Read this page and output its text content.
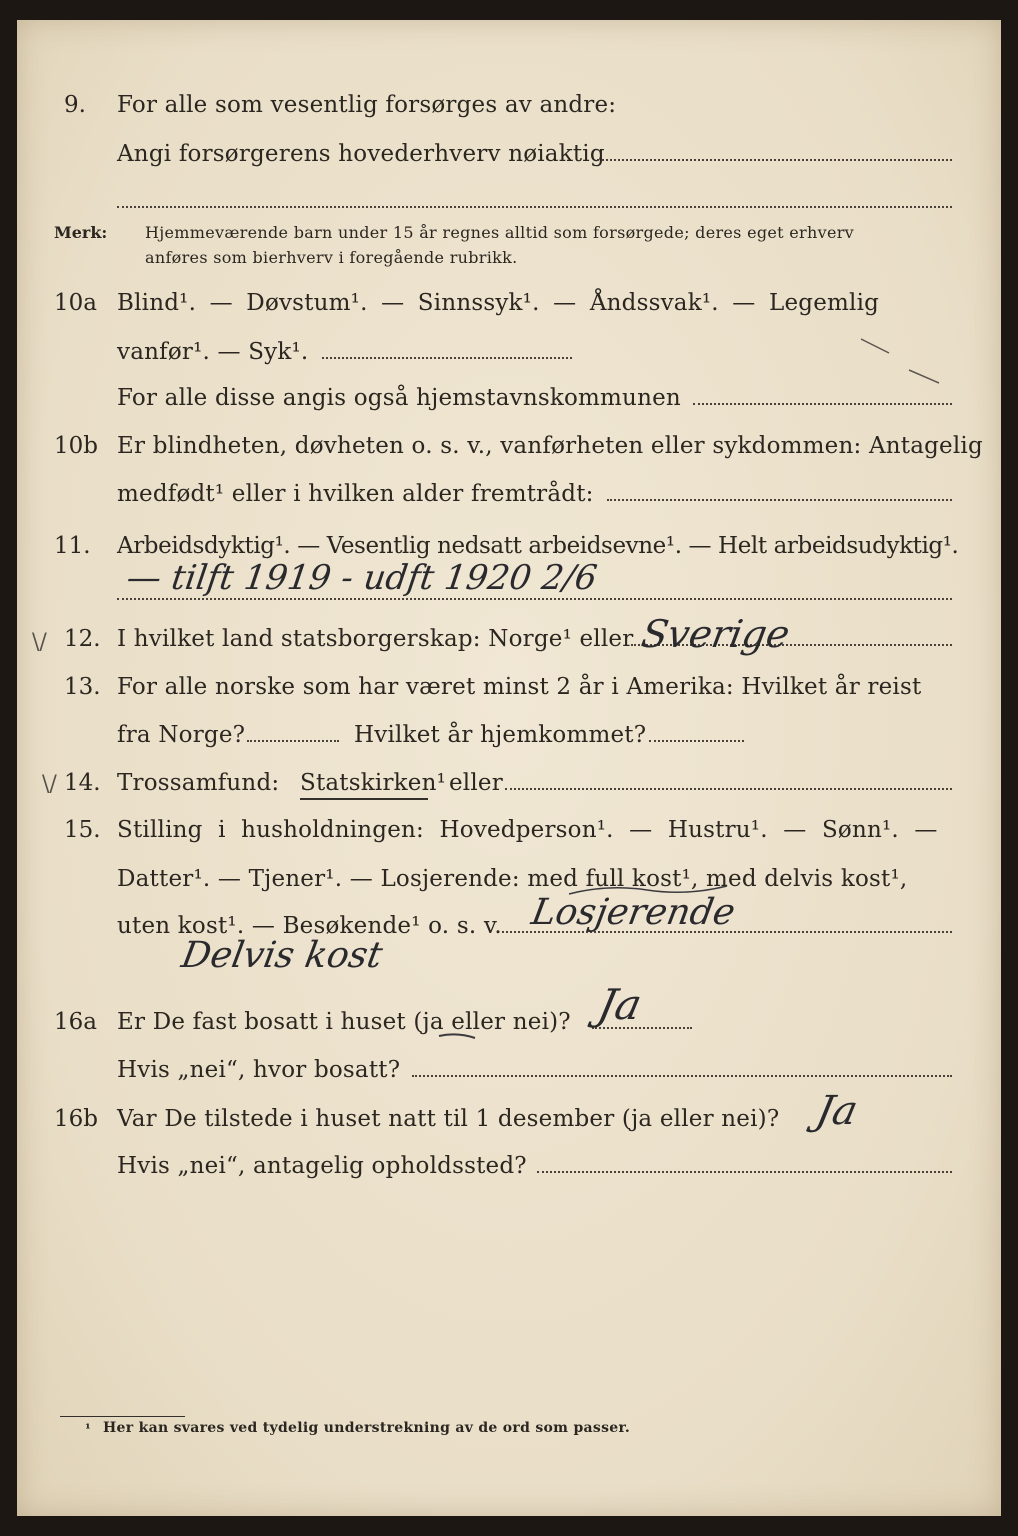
9. For alle som vesentlig forsørges av andre:
Angi forsørgerens hovederhverv nøiaktig
Merk: Hjemmeværende barn under 15 år regnes alltid som forsørgede; deres eget erhverv
anføres som bierhverv i foregående rubrikk.
10a Blind¹. — Døvstum¹. — Sinnssyk¹. — Åndssvak¹. — Legemlig
vanfør¹. — Syk¹.
For alle disse angis også hjemstavnskommunen
10b Er blindheten, døvheten o. s. v., vanførheten eller sykdommen: Antagelig
medfødt¹ eller i hvilken alder fremtrådt:
11. Arbeidsdyktig¹. — Vesentlig nedsatt arbeidsevne¹. — Helt arbeidsudyktig¹.
— tilft 1919 - udft 1920 2/6
\/ 12. I hvilket land statsborgerskap: Norge¹ eller Sverige
13. For alle norske som har været minst 2 år i Amerika: Hvilket år reist
fra Norge?	Hvilket år hjemkommet?
\/ 14. Trossamfund: Statskirken¹ eller
15. Stilling i husholdningen: Hovedperson¹. — Hustru¹. — Sønn¹. —
Datter¹. — Tjener¹. — Losjerende: med full kost¹, med delvis kost¹,
uten kost¹. — Besøkende¹ o. s. v. Losjerende
Delvis kost
16a Er De fast bosatt i huset (ja eller nei)? Ja
Hvis „nei“, hvor bosatt?
16b Var De tilstede i huset natt til 1 desember (ja eller nei)? Ja
Hvis „nei“, antagelig opholdssted?
¹ Her kan svares ved tydelig understrekning av de ord som passer.
